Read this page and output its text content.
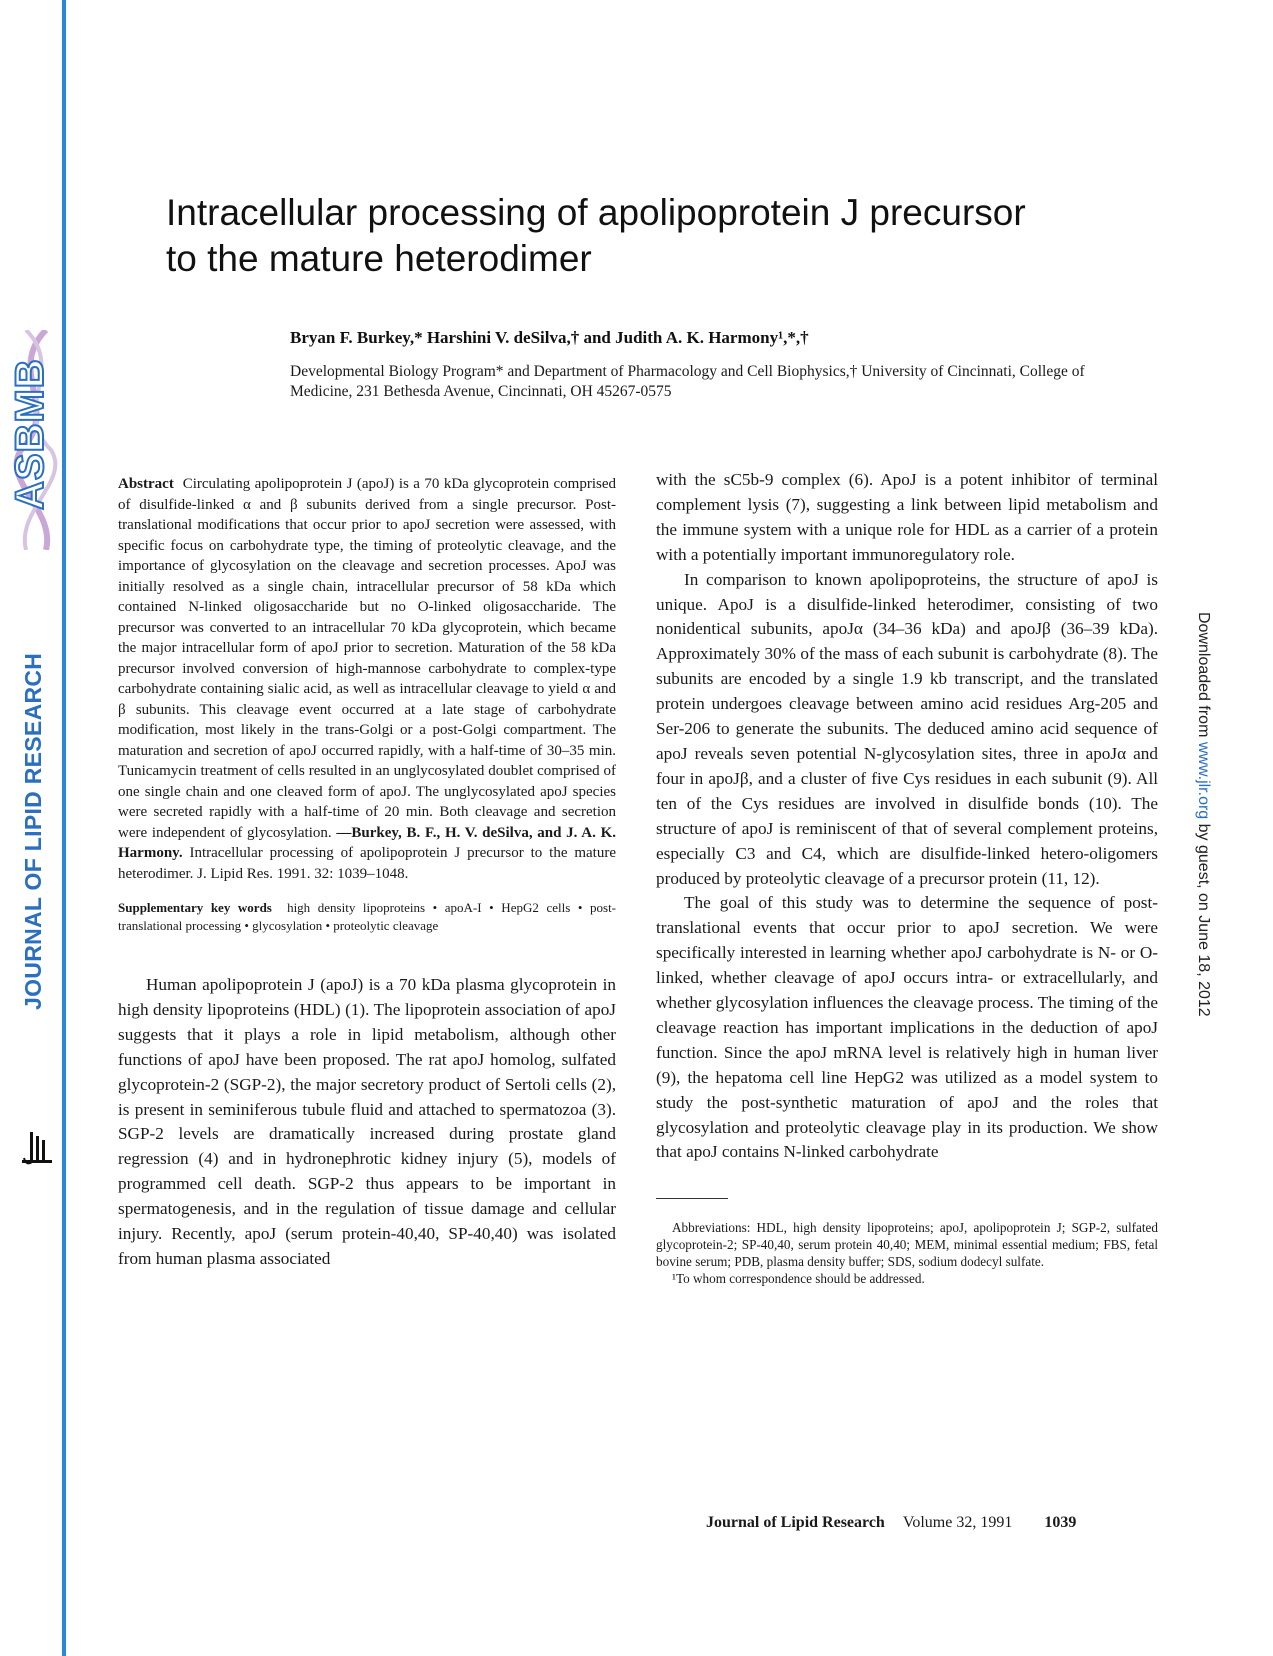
ASBMB
JOURNAL OF LIPID RESEARCH	Downloaded from www.jlr.org by guest, on June 18, 2012
Intracellular processing of apolipoprotein J precursor to the mature heterodimer
Bryan F. Burkey,* Harshini V. deSilva,† and Judith A. K. Harmony¹,*,†
Developmental Biology Program* and Department of Pharmacology and Cell Biophysics,† University of Cincinnati, College of Medicine, 231 Bethesda Avenue, Cincinnati, OH 45267-0575

Abstract Circulating apolipoprotein J (apoJ) is a 70 kDa glycoprotein comprised of disulfide-linked α and β subunits derived from a single precursor. Post-translational modifications that occur prior to apoJ secretion were assessed, with specific focus on carbohydrate type, the timing of proteolytic cleavage, and the importance of glycosylation on the cleavage and secretion processes. ApoJ was initially resolved as a single chain, intracellular precursor of 58 kDa which contained N-linked oligosaccharide but no O-linked oligosaccharide. The precursor was converted to an intracellular 70 kDa glycoprotein, which became the major intracellular form of apoJ prior to secretion. Maturation of the 58 kDa precursor involved conversion of high-mannose carbohydrate to complex-type carbohydrate containing sialic acid, as well as intracellular cleavage to yield α and β subunits. This cleavage event occurred at a late stage of carbohydrate modification, most likely in the trans-Golgi or a post-Golgi compartment. The maturation and secretion of apoJ occurred rapidly, with a half-time of 30–35 min. Tunicamycin treatment of cells resulted in an unglycosylated doublet comprised of one single chain and one cleaved form of apoJ. The unglycosylated apoJ species were secreted rapidly with a half-time of 20 min. Both cleavage and secretion were independent of glycosylation. —Burkey, B. F., H. V. deSilva, and J. A. K. Harmony. Intracellular processing of apolipoprotein J precursor to the mature heterodimer. J. Lipid Res. 1991. 32: 1039–1048.

Supplementary key words high density lipoproteins • apoA-I • HepG2 cells • post-translational processing • glycosylation • proteolytic cleavage

Human apolipoprotein J (apoJ) is a 70 kDa plasma glycoprotein in high density lipoproteins (HDL) (1). The lipoprotein association of apoJ suggests that it plays a role in lipid metabolism, although other functions of apoJ have been proposed. The rat apoJ homolog, sulfated glycoprotein-2 (SGP-2), the major secretory product of Sertoli cells (2), is present in seminiferous tubule fluid and attached to spermatozoa (3). SGP-2 levels are dramatically increased during prostate gland regression (4) and in hydronephrotic kidney injury (5), models of programmed cell death. SGP-2 thus appears to be important in spermatogenesis, and in the regulation of tissue damage and cellular injury. Recently, apoJ (serum protein-40,40, SP-40,40) was isolated from human plasma associated

with the sC5b-9 complex (6). ApoJ is a potent inhibitor of terminal complement lysis (7), suggesting a link between lipid metabolism and the immune system with a unique role for HDL as a carrier of a protein with a potentially important immunoregulatory role.

In comparison to known apolipoproteins, the structure of apoJ is unique. ApoJ is a disulfide-linked heterodimer, consisting of two nonidentical subunits, apoJα (34–36 kDa) and apoJβ (36–39 kDa). Approximately 30% of the mass of each subunit is carbohydrate (8). The subunits are encoded by a single 1.9 kb transcript, and the translated protein undergoes cleavage between amino acid residues Arg-205 and Ser-206 to generate the subunits. The deduced amino acid sequence of apoJ reveals seven potential N-glycosylation sites, three in apoJα and four in apoJβ, and a cluster of five Cys residues in each subunit (9). All ten of the Cys residues are involved in disulfide bonds (10). The structure of apoJ is reminiscent of that of several complement proteins, especially C3 and C4, which are disulfide-linked hetero-oligomers produced by proteolytic cleavage of a precursor protein (11, 12).

The goal of this study was to determine the sequence of post-translational events that occur prior to apoJ secretion. We were specifically interested in learning whether apoJ carbohydrate is N- or O-linked, whether cleavage of apoJ occurs intra- or extracellularly, and whether glycosylation influences the cleavage process. The timing of the cleavage reaction has important implications in the deduction of apoJ function. Since the apoJ mRNA level is relatively high in human liver (9), the hepatoma cell line HepG2 was utilized as a model system to study the post-synthetic maturation of apoJ and the roles that glycosylation and proteolytic cleavage play in its production. We show that apoJ contains N-linked carbohydrate

Abbreviations: HDL, high density lipoproteins; apoJ, apolipoprotein J; SGP-2, sulfated glycoprotein-2; SP-40,40, serum protein 40,40; MEM, minimal essential medium; FBS, fetal bovine serum; PDB, plasma density buffer; SDS, sodium dodecyl sulfate.

¹To whom correspondence should be addressed.

Journal of Lipid Research Volume 32, 1991 1039
